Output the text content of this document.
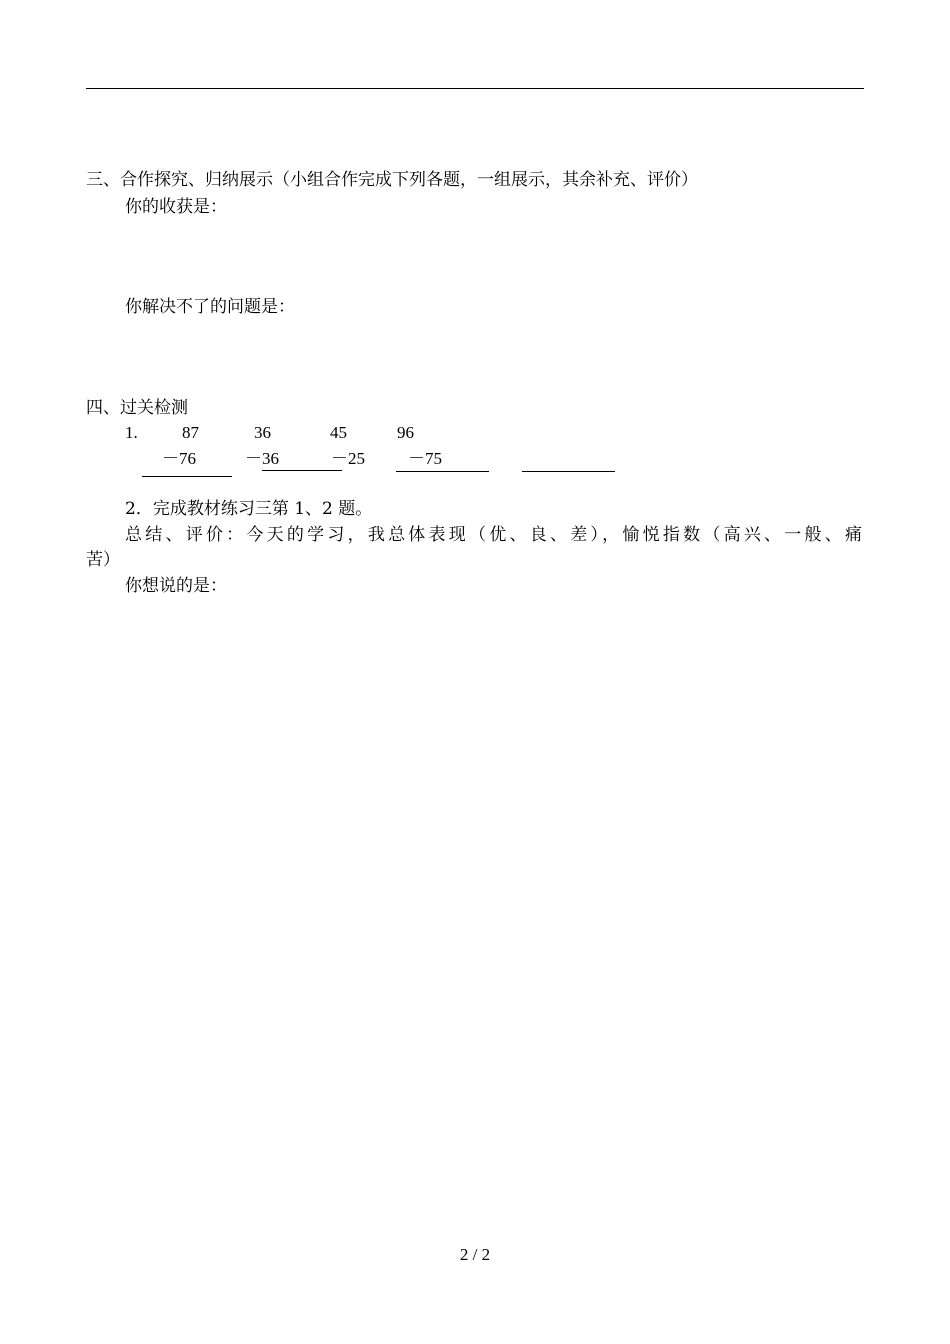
三、合作探究、归纳展示（小组合作完成下列各题，一组展示，其余补充、评价）
你的收获是：
你解决不了的问题是：
四、过关检测
1.	87
－76
36
－36
45
－25
96
－75
2．完成教材练习三第 1、2 题。
总结、评价：今天的学习，我总体表现（优、良、差），愉悦指数（高兴、一般、痛
苦）
你想说的是：
2 / 2
